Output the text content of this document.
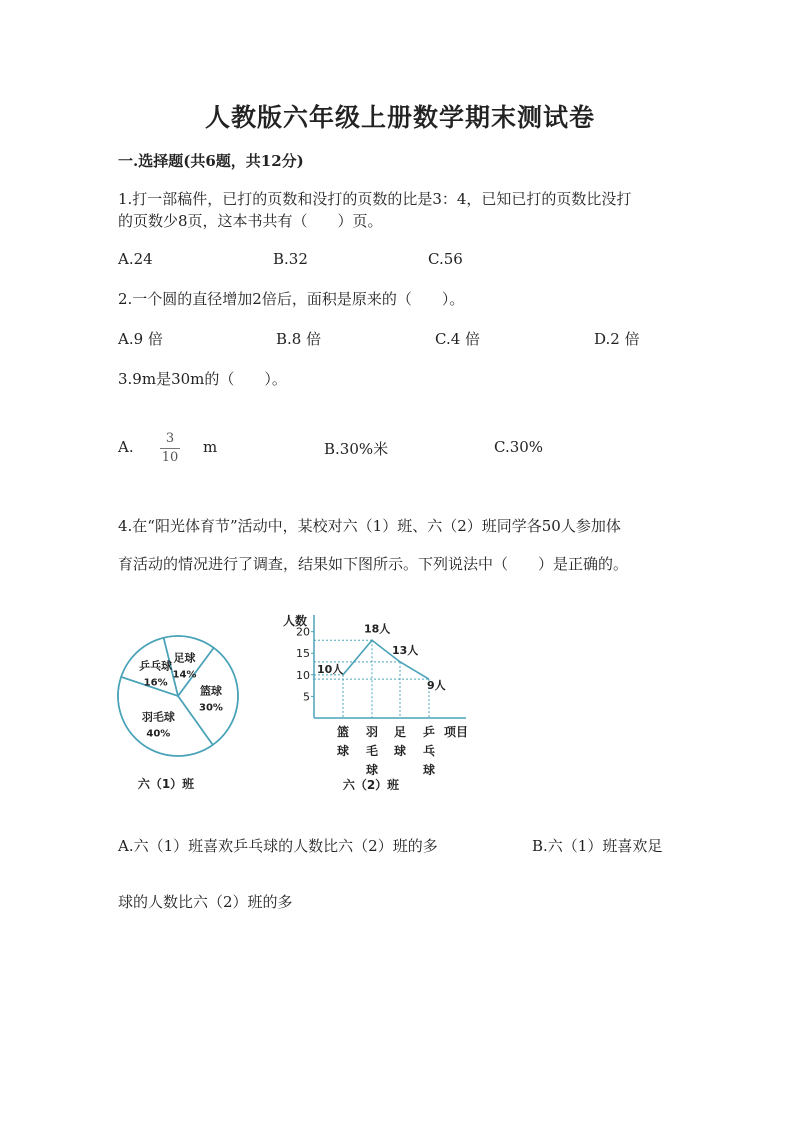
人教版六年级上册数学期末测试卷
一.选择题(共6题，共12分)
1.打一部稿件，已打的页数和没打的页数的比是3：4，已知已打的页数比没打
的页数少8页，这本书共有（　　）页。
A.24	B.32	C.56
2.一个圆的直径增加2倍后，面积是原来的（　　）。
A.9 倍	B.8 倍	C.4 倍	D.2 倍
3.9m是30m的（　　）。
A.	3
10
m	B.30%米	C.30%
4.在“阳光体育节”活动中，某校对六（1）班、六（2）班同学各50人参加体
育活动的情况进行了调查，结果如下图所示。下列说法中（　　）是正确的。
足球
14%
篮球
30%
羽毛球
40%
乒乓球
16%
六（1）班
5
10
15
20
10人
18人
13人
9人
篮
球
羽
毛
球
足
球
乒
乓
球
人数
项目
六（2）班
A.六（1）班喜欢乒乓球的人数比六（2）班的多	B.六（1）班喜欢足
球的人数比六（2）班的多
